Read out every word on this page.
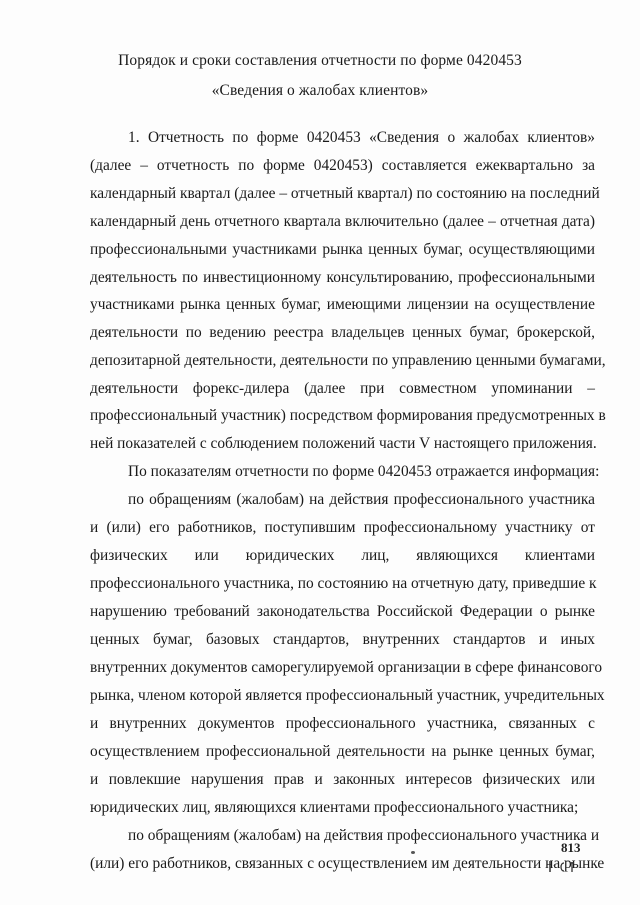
Порядок и сроки составления отчетности по форме 0420453
«Сведения о жалобах клиентов»
1. Отчетность по форме 0420453 «Сведения о жалобах клиентов»
(далее – отчетность по форме 0420453) составляется ежеквартально за
календарный квартал (далее – отчетный квартал) по состоянию на последний
календарный день отчетного квартала включительно (далее – отчетная дата)
профессиональными участниками рынка ценных бумаг, осуществляющими
деятельность по инвестиционному консультированию, профессиональными
участниками рынка ценных бумаг, имеющими лицензии на осуществление
деятельности по ведению реестра владельцев ценных бумаг, брокерской,
депозитарной деятельности, деятельности по управлению ценными бумагами,
деятельности форекс-дилера (далее при совместном упоминании –
профессиональный участник) посредством формирования предусмотренных в
ней показателей с соблюдением положений части V настоящего приложения.
По показателям отчетности по форме 0420453 отражается информация:
по обращениям (жалобам) на действия профессионального участника
и (или) его работников, поступившим профессиональному участнику от
физических или юридических лиц, являющихся клиентами
профессионального участника, по состоянию на отчетную дату, приведшие к
нарушению требований законодательства Российской Федерации о рынке
ценных бумаг, базовых стандартов, внутренних стандартов и иных
внутренних документов саморегулируемой организации в сфере финансового
рынка, членом которой является профессиональный участник, учредительных
и внутренних документов профессионального участника, связанных с
осуществлением профессиональной деятельности на рынке ценных бумаг,
и повлекшие нарушения прав и законных интересов физических или
юридических лиц, являющихся клиентами профессионального участника;
по обращениям (жалобам) на действия профессионального участника и
(или) его работников, связанных с осуществлением им деятельности на рынке
813
